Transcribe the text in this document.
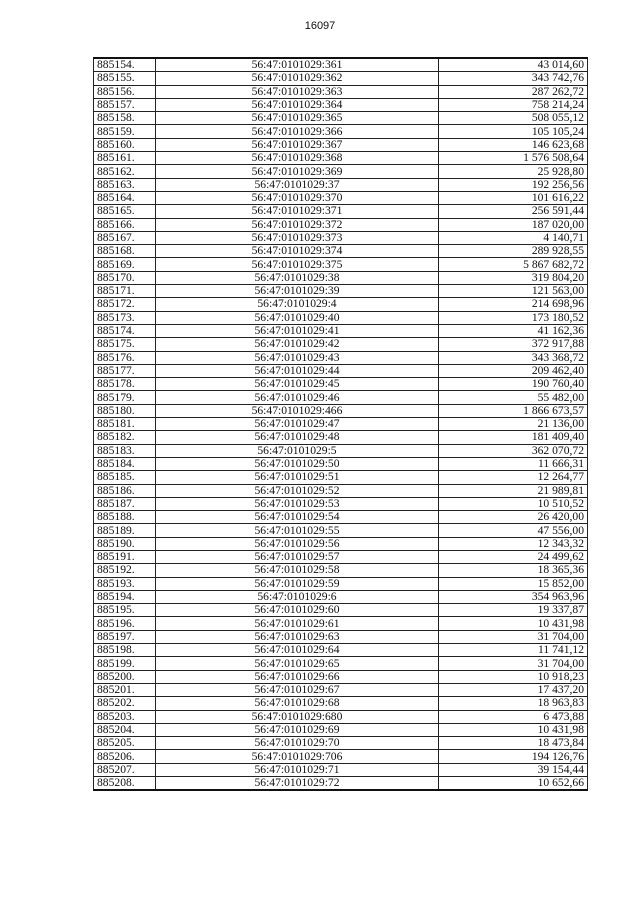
16097
885154.	56:47:0101029:361	43 014,60
885155.	56:47:0101029:362	343 742,76
885156.	56:47:0101029:363	287 262,72
885157.	56:47:0101029:364	758 214,24
885158.	56:47:0101029:365	508 055,12
885159.	56:47:0101029:366	105 105,24
885160.	56:47:0101029:367	146 623,68
885161.	56:47:0101029:368	1 576 508,64
885162.	56:47:0101029:369	25 928,80
885163.	56:47:0101029:37	192 256,56
885164.	56:47:0101029:370	101 616,22
885165.	56:47:0101029:371	256 591,44
885166.	56:47:0101029:372	187 020,00
885167.	56:47:0101029:373	4 140,71
885168.	56:47:0101029:374	289 928,55
885169.	56:47:0101029:375	5 867 682,72
885170.	56:47:0101029:38	319 804,20
885171.	56:47:0101029:39	121 563,00
885172.	56:47:0101029:4	214 698,96
885173.	56:47:0101029:40	173 180,52
885174.	56:47:0101029:41	41 162,36
885175.	56:47:0101029:42	372 917,88
885176.	56:47:0101029:43	343 368,72
885177.	56:47:0101029:44	209 462,40
885178.	56:47:0101029:45	190 760,40
885179.	56:47:0101029:46	55 482,00
885180.	56:47:0101029:466	1 866 673,57
885181.	56:47:0101029:47	21 136,00
885182.	56:47:0101029:48	181 409,40
885183.	56:47:0101029:5	362 070,72
885184.	56:47:0101029:50	11 666,31
885185.	56:47:0101029:51	12 264,77
885186.	56:47:0101029:52	21 989,81
885187.	56:47:0101029:53	10 510,52
885188.	56:47:0101029:54	26 420,00
885189.	56:47:0101029:55	47 556,00
885190.	56:47:0101029:56	12 343,32
885191.	56:47:0101029:57	24 499,62
885192.	56:47:0101029:58	18 365,36
885193.	56:47:0101029:59	15 852,00
885194.	56:47:0101029:6	354 963,96
885195.	56:47:0101029:60	19 337,87
885196.	56:47:0101029:61	10 431,98
885197.	56:47:0101029:63	31 704,00
885198.	56:47:0101029:64	11 741,12
885199.	56:47:0101029:65	31 704,00
885200.	56:47:0101029:66	10 918,23
885201.	56:47:0101029:67	17 437,20
885202.	56:47:0101029:68	18 963,83
885203.	56:47:0101029:680	6 473,88
885204.	56:47:0101029:69	10 431,98
885205.	56:47:0101029:70	18 473,84
885206.	56:47:0101029:706	194 126,76
885207.	56:47:0101029:71	39 154,44
885208.	56:47:0101029:72	10 652,66
